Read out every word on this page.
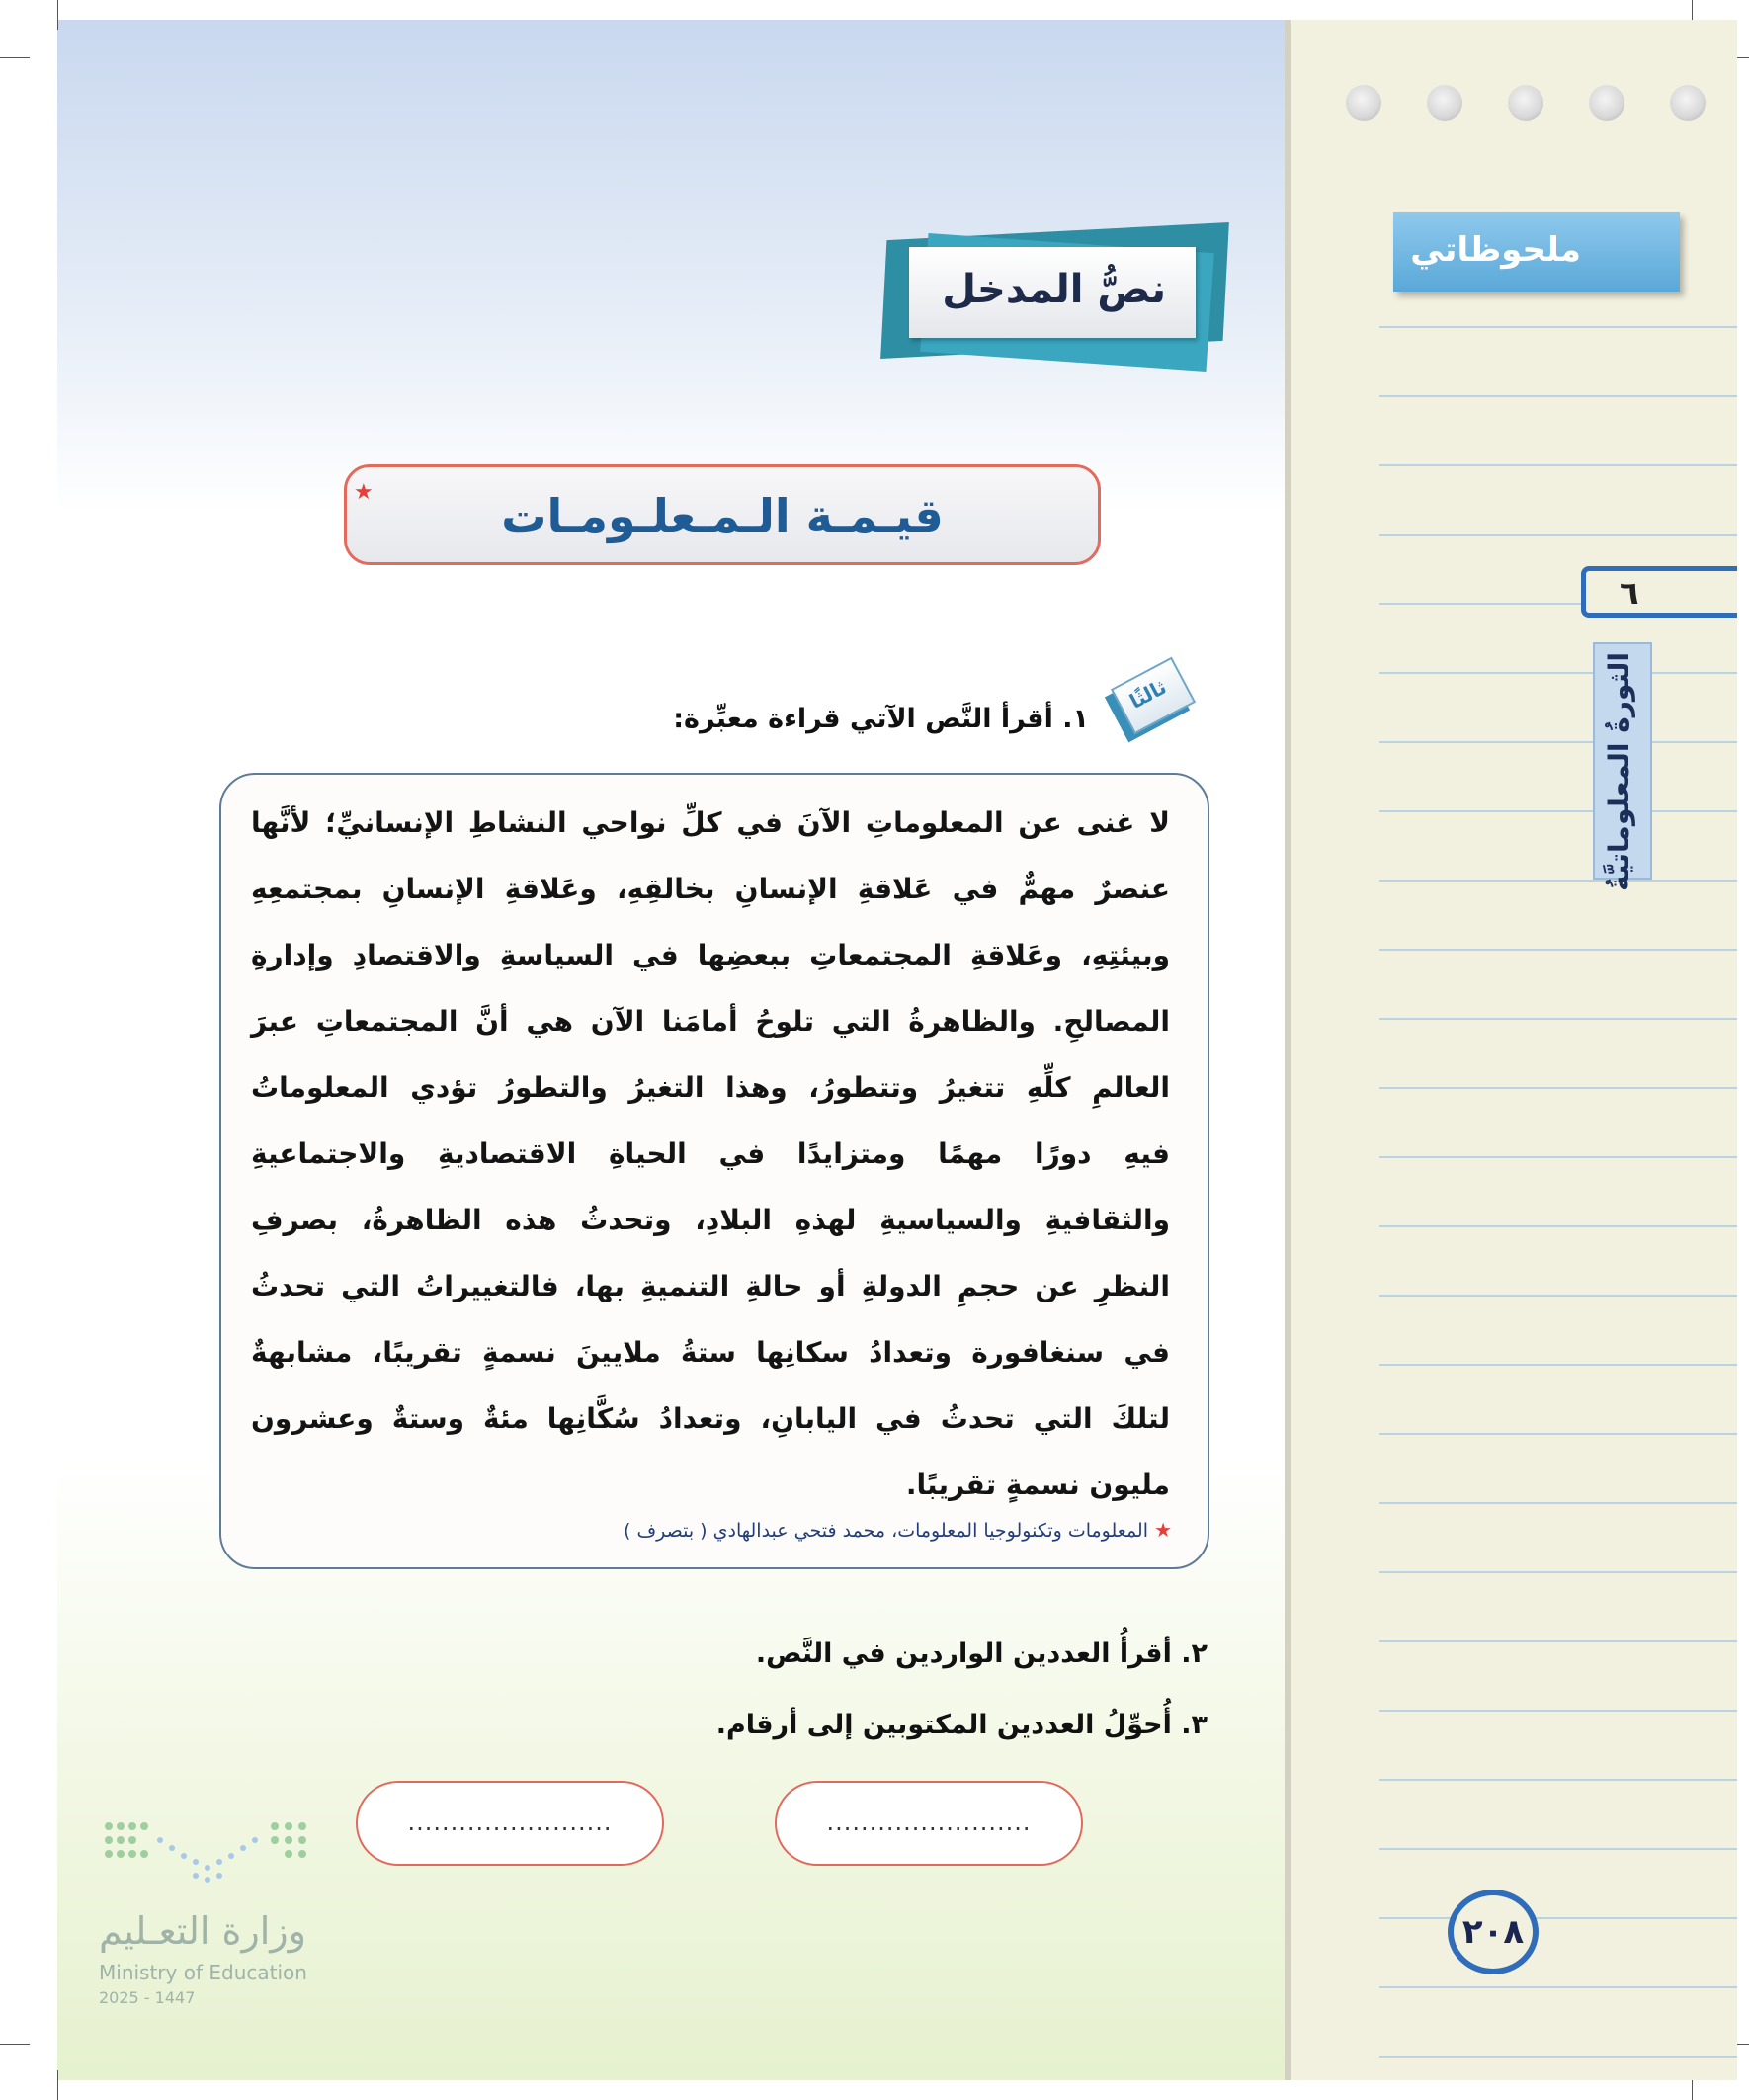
ملحوظاتي
٦
الثورةُ المعلوماتيَّةُ
٢٠٨
نصُّ المدخل
قيـمـة الـمـعلـومـات
★
ثالثًا
١. أقرأ النَّص الآتي قراءة معبِّرة:
لا غنى عن المعلوماتِ الآنَ في كلِّ نواحي النشاطِ الإنسانيِّ؛ لأنَّها
عنصرٌ مهمٌّ في عَلاقةِ الإنسانِ بخالقِهِ، وعَلاقةِ الإنسانِ بمجتمعِهِ
وبيئتِهِ، وعَلاقةِ المجتمعاتِ ببعضِها في السياسةِ والاقتصادِ وإدارةِ
المصالحِ. والظاهرةُ التي تلوحُ أمامَنا الآن هي أنَّ المجتمعاتِ عبرَ
العالمِ كلِّهِ تتغيرُ وتتطورُ، وهذا التغيرُ والتطورُ تؤدي المعلوماتُ
فيهِ دورًا مهمًا ومتزايدًا في الحياةِ الاقتصاديةِ والاجتماعيةِ
والثقافيةِ والسياسيةِ لهذهِ البلادِ، وتحدثُ هذه الظاهرةُ، بصرفِ
النظرِ عن حجمِ الدولةِ أو حالةِ التنميةِ بها، فالتغييراتُ التي تحدثُ
في سنغافورة وتعدادُ سكانِها ستةُ ملايينَ نسمةٍ تقريبًا، مشابهةٌ
لتلكَ التي تحدثُ في اليابانِ، وتعدادُ سُكَّانِها مئةٌ وستةٌ وعشرون
مليون نسمةٍ تقريبًا.
★ المعلومات وتكنولوجيا المعلومات، محمد فتحي عبدالهادي ( بتصرف )
٢. أقرأُ العددين الواردين في النَّص.
٣. أُحوِّلُ العددين المكتوبين إلى أرقام.
........................
........................
وزارة التعـليم
Ministry of Education
2025 - 1447
